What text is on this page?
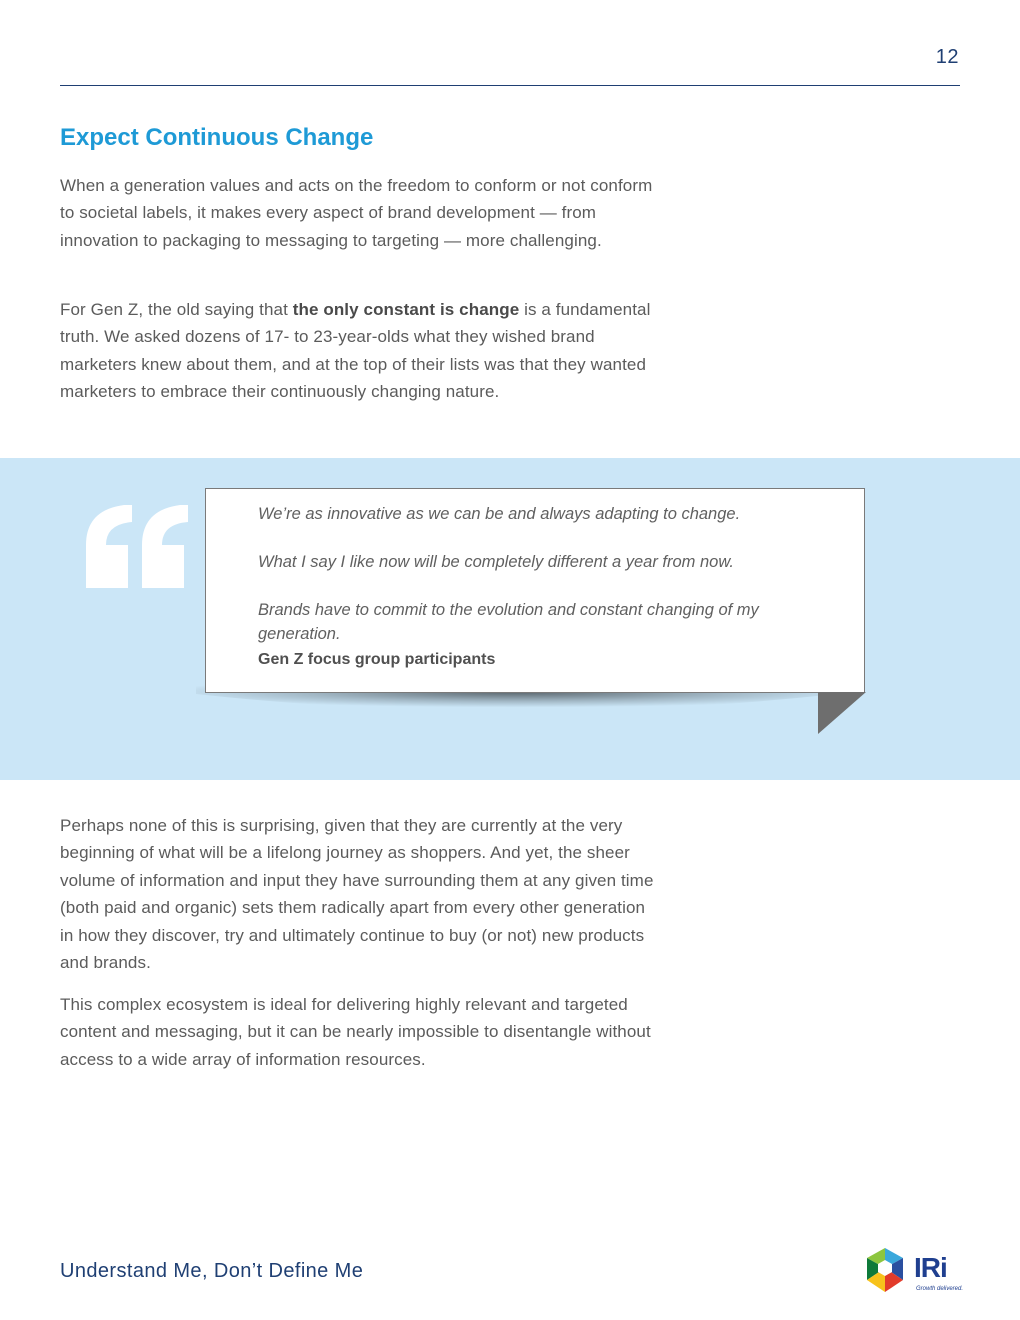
12
Expect Continuous Change

When a generation values and acts on the freedom to conform or not conform to societal labels, it makes every aspect of brand development — from innovation to packaging to messaging to targeting — more challenging.

For Gen Z, the old saying that the only constant is change is a fundamental truth. We asked dozens of 17- to 23-year-olds what they wished brand marketers knew about them, and at the top of their lists was that they wanted marketers to embrace their continuously changing nature.

We’re as innovative as we can be and always adapting to change.

What I say I like now will be completely different a year from now.

Brands have to commit to the evolution and constant changing of my generation.

Gen Z focus group participants

Perhaps none of this is surprising, given that they are currently at the very beginning of what will be a lifelong journey as shoppers. And yet, the sheer volume of information and input they have surrounding them at any given time (both paid and organic) sets them radically apart from every other generation in how they discover, try and ultimately continue to buy (or not) new products and brands.

This complex ecosystem is ideal for delivering highly relevant and targeted content and messaging, but it can be nearly impossible to disentangle without access to a wide array of information resources.

Understand Me, Don’t Define Me	IRi
Growth delivered.
